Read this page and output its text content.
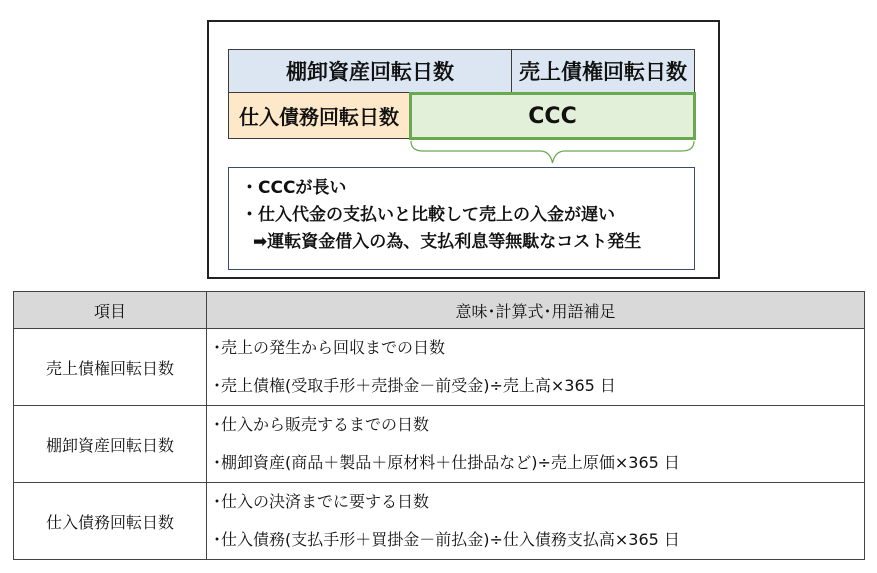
棚卸資産回転日数	売上債権回転日数
仕入債務回転日数	CCC
・CCCが長い
・仕入代金の支払いと比較して売上の入金が遅い
➡運転資金借入の為、支払利息等無駄なコスト発生
項目	意味･計算式･用語補足
売上債権回転日数	･売上の発生から回収までの日数
･売上債権(受取手形＋売掛金－前受金)÷売上高×365 日

棚卸資産回転日数	･仕入から販売するまでの日数
･棚卸資産(商品＋製品＋原材料＋仕掛品など)÷売上原価×365 日

仕入債務回転日数	･仕入の決済までに要する日数
･仕入債務(支払手形＋買掛金－前払金)÷仕入債務支払高×365 日
